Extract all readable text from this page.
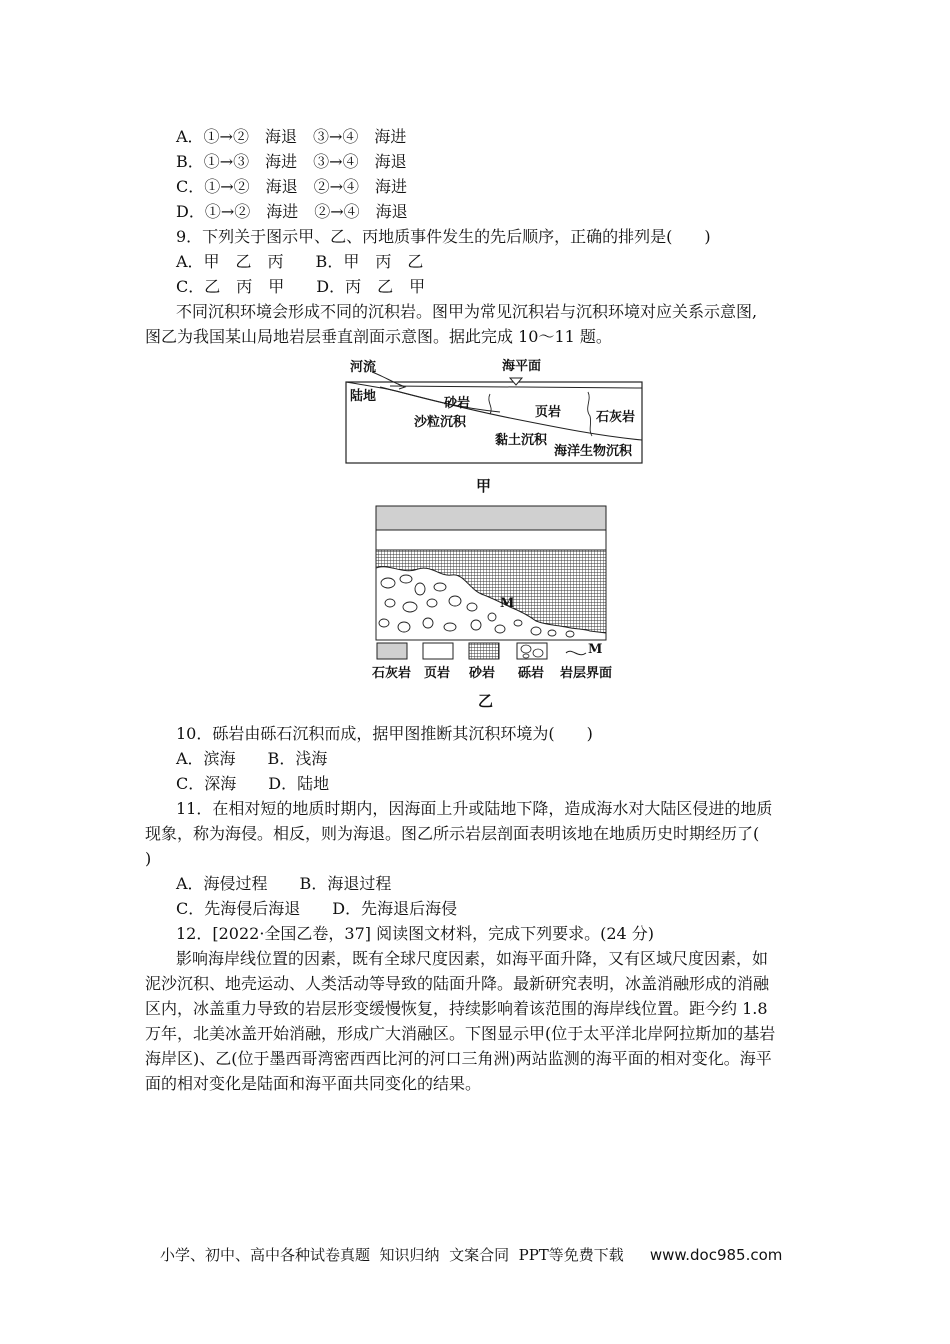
A．①→②　海退　③→④　海进
B．①→③　海进　③→④　海退
C．①→②　海退　②→④　海进
D．①→②　海进　②→④　海退
9．下列关于图示甲、乙、丙地质事件发生的先后顺序，正确的排列是(　　)
A．甲　乙　丙　　B．甲　丙　乙
C．乙　丙　甲　　D．丙　乙　甲
不同沉积环境会形成不同的沉积岩。图甲为常见沉积岩与沉积环境对应关系示意图,
图乙为我国某山局地岩层垂直剖面示意图。据此完成 10～11 题。
河流	海平面
陆地	砂岩
页岩	石灰岩
沙粒沉积
黏土沉积
海洋生物沉积
甲
M
M
石灰岩 页岩 砂岩 砾岩 岩层界面
乙
10．砾岩由砾石沉积而成，据甲图推断其沉积环境为(　　)
A．滨海　　B．浅海
C．深海　　D．陆地
11．在相对短的地质时期内，因海面上升或陆地下降，造成海水对大陆区侵进的地质
现象，称为海侵。相反，则为海退。图乙所示岩层剖面表明该地在地质历史时期经历了(
)
A．海侵过程　　B．海退过程
C．先海侵后海退　　D．先海退后海侵
12．[2022·全国乙卷，37] 阅读图文材料，完成下列要求。(24 分)
影响海岸线位置的因素，既有全球尺度因素，如海平面升降，又有区域尺度因素，如
泥沙沉积、地壳运动、人类活动等导致的陆面升降。最新研究表明，冰盖消融形成的消融
区内，冰盖重力导致的岩层形变缓慢恢复，持续影响着该范围的海岸线位置。距今约 1.8
万年，北美冰盖开始消融，形成广大消融区。下图显示甲(位于太平洋北岸阿拉斯加的基岩
海岸区)、乙(位于墨西哥湾密西西比河的河口三角洲)两站监测的海平面的相对变化。海平
面的相对变化是陆面和海平面共同变化的结果。
小学、初中、高中各种试卷真题  知识归纳  文案合同  PPT等免费下载 www.doc985.com
